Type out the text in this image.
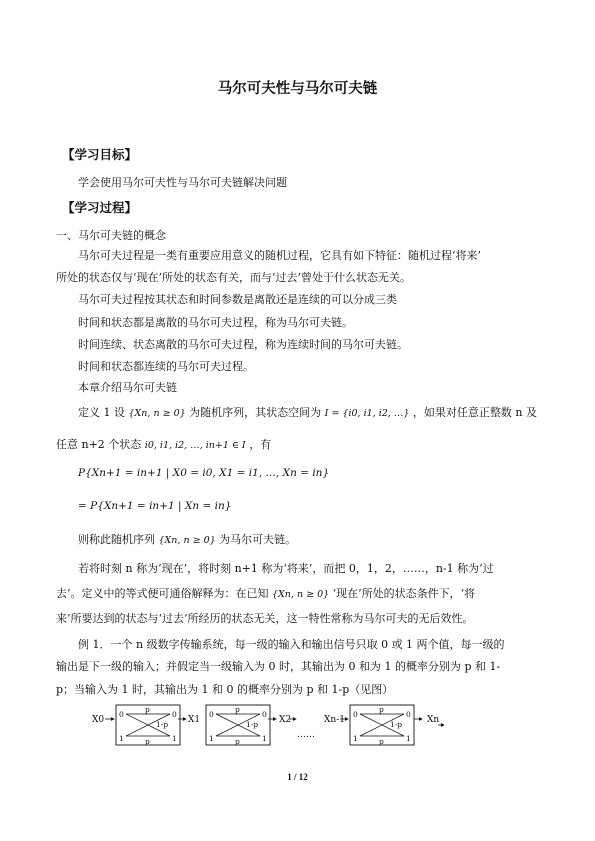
马尔可夫性与马尔可夫链
【学习目标】
学会使用马尔可夫性与马尔可夫链解决问题
【学习过程】
一、马尔可夫链的概念
马尔可夫过程是一类有重要应用意义的随机过程，它具有如下特征：随机过程‘将来’
所处的状态仅与‘现在’所处的状态有关，而与‘过去’曾处于什么状态无关。
马尔可夫过程按其状态和时间参数是离散还是连续的可以分成三类
时间和状态都是离散的马尔可夫过程，称为马尔可夫链。
时间连续、状态离散的马尔可夫过程，称为连续时间的马尔可夫链。
时间和状态都连续的马尔可夫过程。
本章介绍马尔可夫链
定义 1 设 {Xn, n ≥ 0} 为随机序列，其状态空间为 I = {i0, i1, i2, …} ，如果对任意正整数 n 及
任意 n+2 个状态 i0, i1, i2, …, in+1 ∈ I ，有
P{Xn+1 = in+1 | X0 = i0, X1 = i1, …, Xn = in}
= P{Xn+1 = in+1 | Xn = in}
则称此随机序列 {Xn, n ≥ 0} 为马尔可夫链。
若将时刻 n 称为‘现在’，将时刻 n+1 称为‘将来’，而把 0，1，2，……，n-1 称为‘过
去’。定义中的等式便可通俗解释为：在已知 {Xn, n ≥ 0} ‘现在’所处的状态条件下，‘将
来’所要达到的状态与‘过去’所经历的状态无关，这一特性常称为马尔可夫的无后效性。
例 1．一个 n 级数字传输系统，每一级的输入和输出信号只取 0 或 1 两个值，每一级的
输出是下一级的输入；并假定当一级输入为 0 时，其输出为 0 和为 1 的概率分别为 p 和 1-
p；当输入为 1 时，其输出为 1 和 0 的概率分别为 p 和 1-p（见图）
X0	X1	X2
……
Xn-1	Xn
0	0
1	1
p
p
1-p
0	0
1	1
p
p
1-p
0	0
1	1
p
p
1-p
1 / 12
